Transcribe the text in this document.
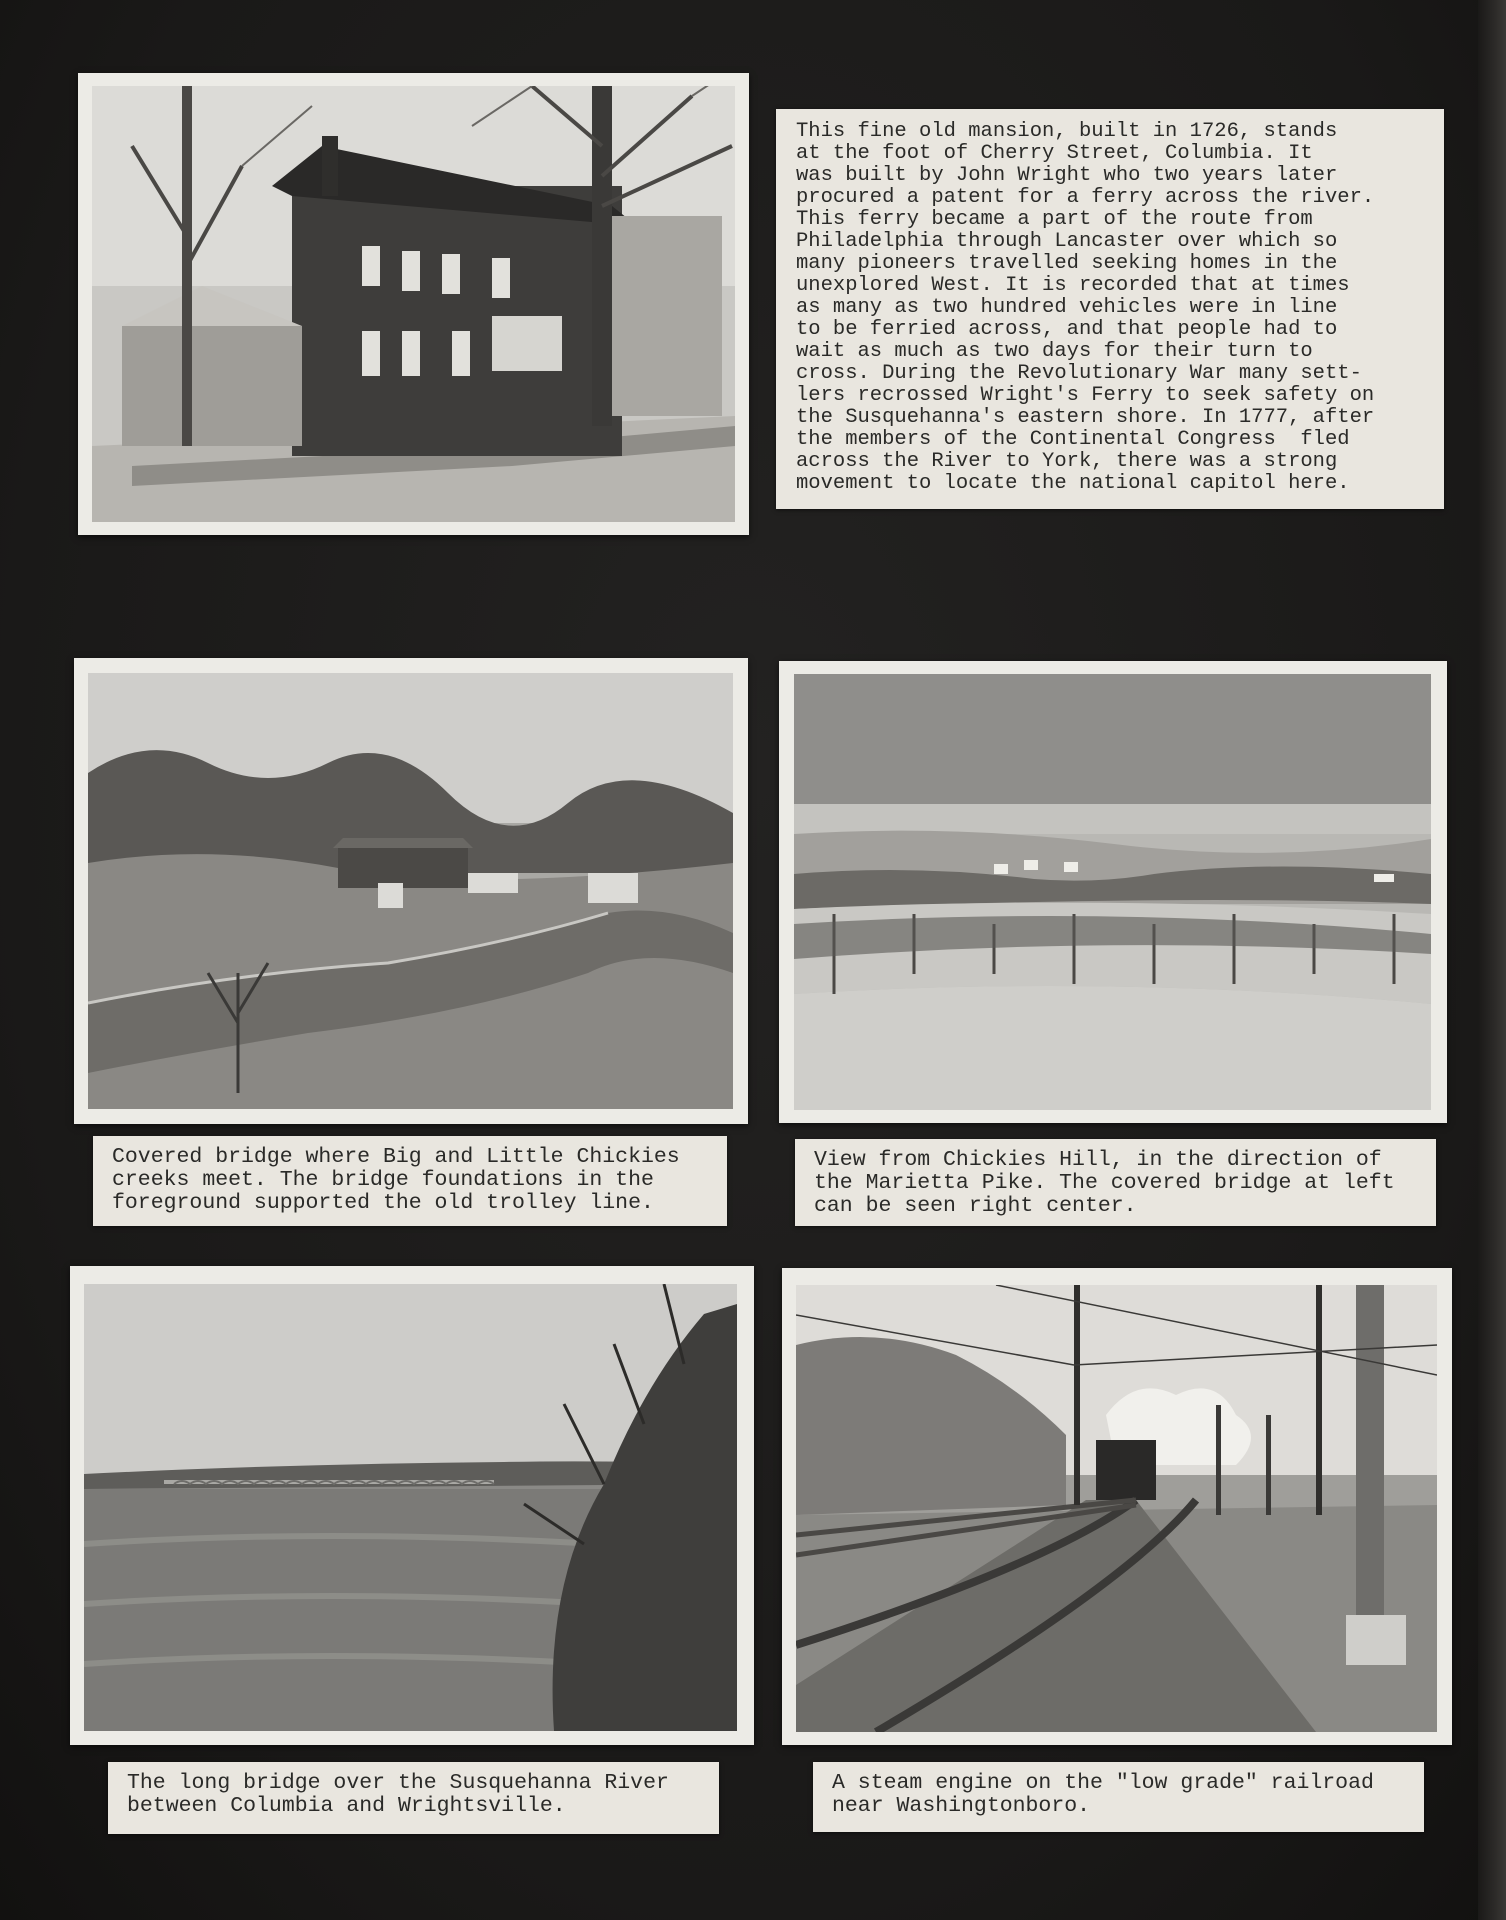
This fine old mansion, built in 1726, stands
at the foot of Cherry Street, Columbia. It
was built by John Wright who two years later
procured a patent for a ferry across the river.
This ferry became a part of the route from
Philadelphia through Lancaster over which so
many pioneers travelled seeking homes in the
unexplored West. It is recorded that at times
as many as two hundred vehicles were in line
to be ferried across, and that people had to
wait as much as two days for their turn to
cross. During the Revolutionary War many sett-
lers recrossed Wright's Ferry to seek safety on
the Susquehanna's eastern shore. In 1777, after
the members of the Continental Congress  fled
across the River to York, there was a strong
movement to locate the national capitol here.
Covered bridge where Big and Little Chickies
creeks meet. The bridge foundations in the
foreground supported the old trolley line.
View from Chickies Hill, in the direction of
the Marietta Pike. The covered bridge at left
can be seen right center.
The long bridge over the Susquehanna River
between Columbia and Wrightsville.
A steam engine on the "low grade" railroad
near Washingtonboro.
